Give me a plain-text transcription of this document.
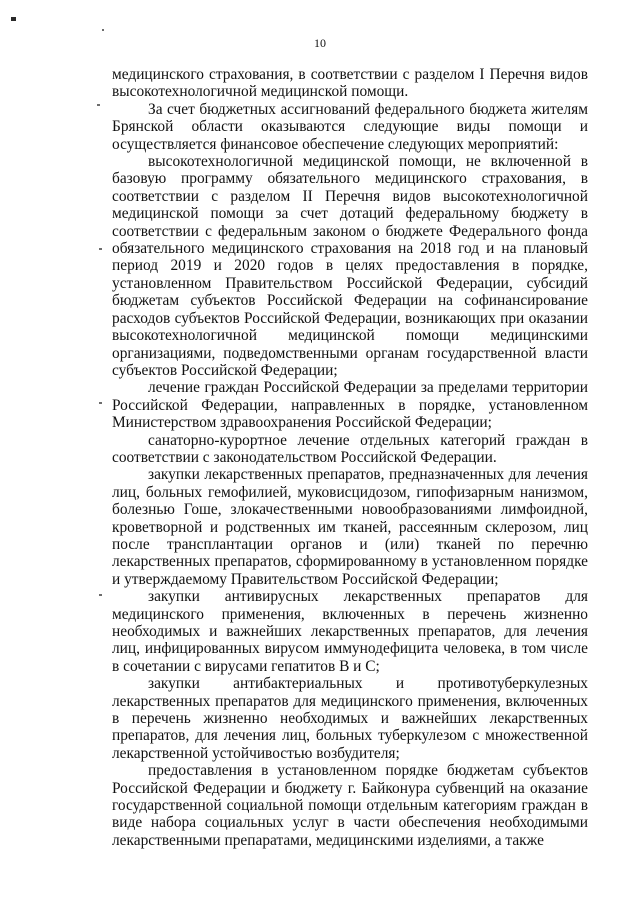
10

медицинского страхования, в соответствии с разделом I Перечня видов высокотехнологичной медицинской помощи.

За счет бюджетных ассигнований федерального бюджета жителям Брянской области оказываются следующие виды помощи и осуществляется финансовое обеспечение следующих мероприятий:

высокотехнологичной медицинской помощи, не включенной в базовую программу обязательного медицинского страхования, в соответствии с разделом II Перечня видов высокотехнологичной медицинской помощи за счет дотаций федеральному бюджету в соответствии с федеральным законом о бюджете Федерального фонда обязательного медицинского страхования на 2018 год и на плановый период 2019 и 2020 годов в целях предоставления в порядке, установленном Правительством Российской Федерации, субсидий бюджетам субъектов Российской Федерации на софинансирование расходов субъектов Российской Федерации, возникающих при оказании высокотехнологичной медицинской помощи медицинскими организациями, подведомственными органам государственной власти субъектов Российской Федерации;

лечение граждан Российской Федерации за пределами территории Российской Федерации, направленных в порядке, установленном Министерством здравоохранения Российской Федерации;

санаторно-курортное лечение отдельных категорий граждан в соответствии с законодательством Российской Федерации.

закупки лекарственных препаратов, предназначенных для лечения лиц, больных гемофилией, муковисцидозом, гипофизарным нанизмом, болезнью Гоше, злокачественными новообразованиями лимфоидной, кроветворной и родственных им тканей, рассеянным склерозом, лиц после трансплантации органов и (или) тканей по перечню лекарственных препаратов, сформированному в установленном порядке и утверждаемому Правительством Российской Федерации;

закупки антивирусных лекарственных препаратов для медицинского применения, включенных в перечень жизненно необходимых и важнейших лекарственных препаратов, для лечения лиц, инфицированных вирусом иммунодефицита человека, в том числе в сочетании с вирусами гепатитов B и C;

закупки антибактериальных и противотуберкулезных лекарственных препаратов для медицинского применения, включенных в перечень жизненно необходимых и важнейших лекарственных препаратов, для лечения лиц, больных туберкулезом с множественной лекарственной устойчивостью возбудителя;

предоставления в установленном порядке бюджетам субъектов Российской Федерации и бюджету г. Байконура субвенций на оказание государственной социальной помощи отдельным категориям граждан в виде набора социальных услуг в части обеспечения необходимыми лекарственными препаратами, медицинскими изделиями, а также
